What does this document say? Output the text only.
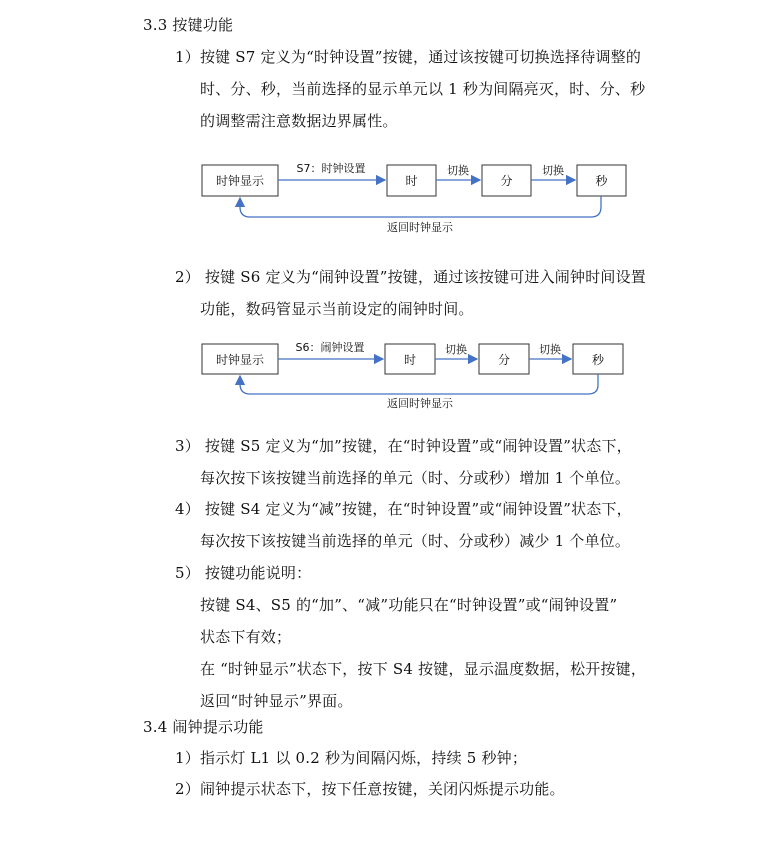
3.3 按键功能
1）按键 S7 定义为“时钟设置”按键，通过该按键可切换选择待调整的
时、分、秒，当前选择的显示单元以 1 秒为间隔亮灭，时、分、秒
的调整需注意数据边界属性。
时钟显示	时	分	秒
S7：时钟设置	切换	切换
返回时钟显示
时钟显示	时	分	秒
S6：闹钟设置	切换	切换
返回时钟显示
2） 按键 S6 定义为“闹钟设置”按键，通过该按键可进入闹钟时间设置
功能，数码管显示当前设定的闹钟时间。
3） 按键 S5 定义为“加”按键，在“时钟设置”或“闹钟设置”状态下，
每次按下该按键当前选择的单元（时、分或秒）增加 1 个单位。
4） 按键 S4 定义为“减”按键，在“时钟设置”或“闹钟设置”状态下，
每次按下该按键当前选择的单元（时、分或秒）减少 1 个单位。
5） 按键功能说明：
按键 S4、S5 的“加”、“减”功能只在“时钟设置”或“闹钟设置”
状态下有效；
在 “时钟显示”状态下，按下 S4 按键，显示温度数据，松开按键，
返回“时钟显示”界面。
3.4 闹钟提示功能
1）指示灯 L1 以 0.2 秒为间隔闪烁，持续 5 秒钟；
2）闹钟提示状态下，按下任意按键，关闭闪烁提示功能。
